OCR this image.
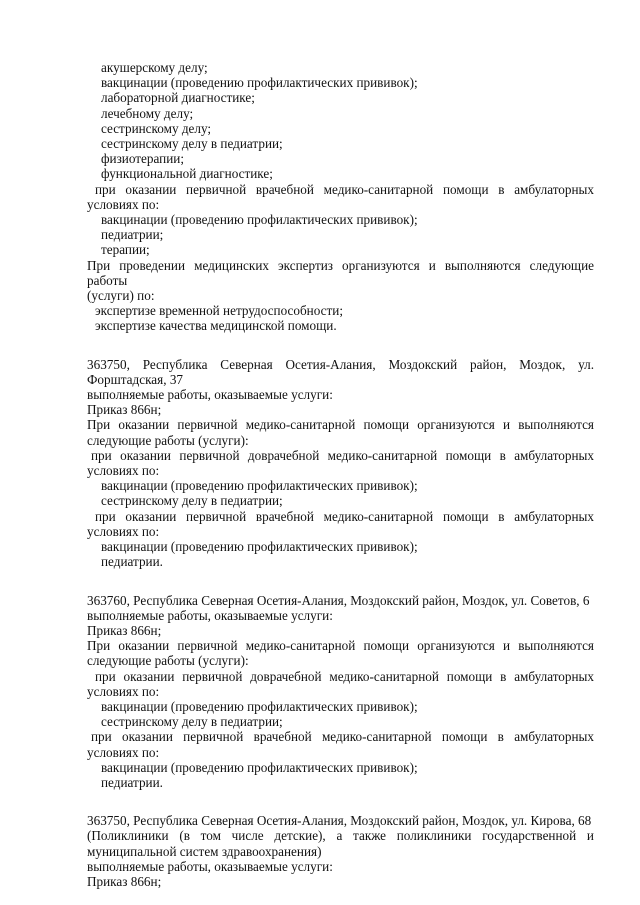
акушерскому делу;
вакцинации (проведению профилактических прививок);
лабораторной диагностике;
лечебному делу;
сестринскому делу;
сестринскому делу в педиатрии;
физиотерапии;
функциональной диагностике;
при оказании первичной врачебной медико-санитарной помощи в амбулаторных
условиях по:
вакцинации (проведению профилактических прививок);
педиатрии;
терапии;
При проведении медицинских экспертиз организуются и выполняются следующие работы
(услуги) по:
экспертизе временной нетрудоспособности;
экспертизе качества медицинской помощи.
363750, Республика Северная Осетия-Алания, Моздокский район, Моздок, ул.
Форштадская, 37
выполняемые работы, оказываемые услуги:
Приказ 866н;
При оказании первичной медико-санитарной помощи организуются и выполняются
следующие работы (услуги):
при оказании первичной доврачебной медико-санитарной помощи в амбулаторных
условиях по:
вакцинации (проведению профилактических прививок);
сестринскому делу в педиатрии;
при оказании первичной врачебной медико-санитарной помощи в амбулаторных
условиях по:
вакцинации (проведению профилактических прививок);
педиатрии.
363760, Республика Северная Осетия-Алания, Моздокский район, Моздок, ул. Советов, 6
выполняемые работы, оказываемые услуги:
Приказ 866н;
При оказании первичной медико-санитарной помощи организуются и выполняются
следующие работы (услуги):
при оказании первичной доврачебной медико-санитарной помощи в амбулаторных
условиях по:
вакцинации (проведению профилактических прививок);
сестринскому делу в педиатрии;
при оказании первичной врачебной медико-санитарной помощи в амбулаторных
условиях по:
вакцинации (проведению профилактических прививок);
педиатрии.
363750, Республика Северная Осетия-Алания, Моздокский район, Моздок, ул. Кирова, 68
(Поликлиники (в том числе детские), а также поликлиники государственной и
муниципальной систем здравоохранения)
выполняемые работы, оказываемые услуги:
Приказ 866н;
